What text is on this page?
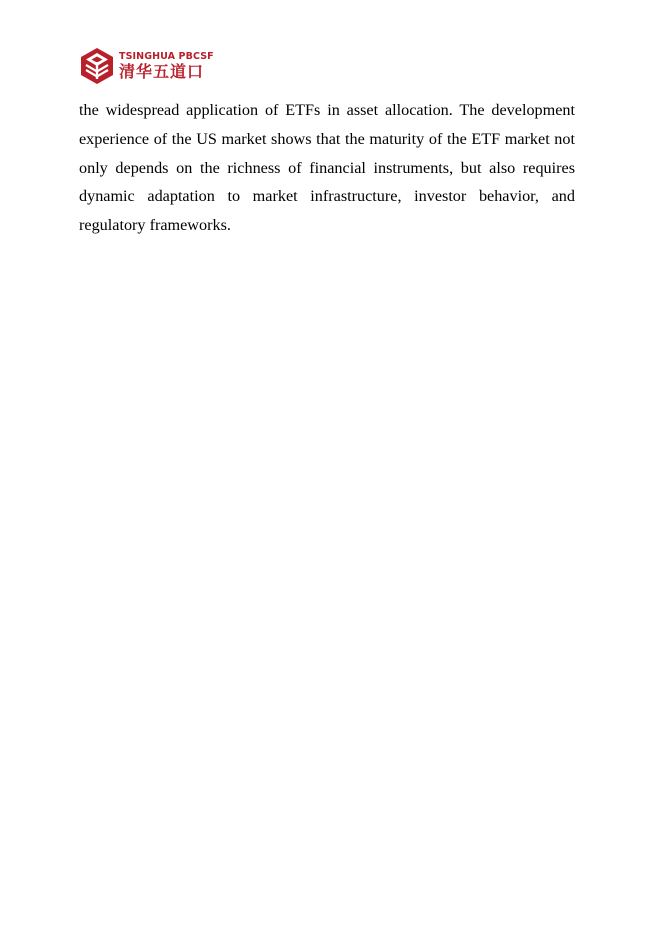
TSINGHUA PBCSF
清华五道口

the widespread application of ETFs in asset allocation. The development experience of the US market shows that the maturity of the ETF market not only depends on the richness of financial instruments, but also requires dynamic adaptation to market infrastructure, investor behavior, and regulatory frameworks.
